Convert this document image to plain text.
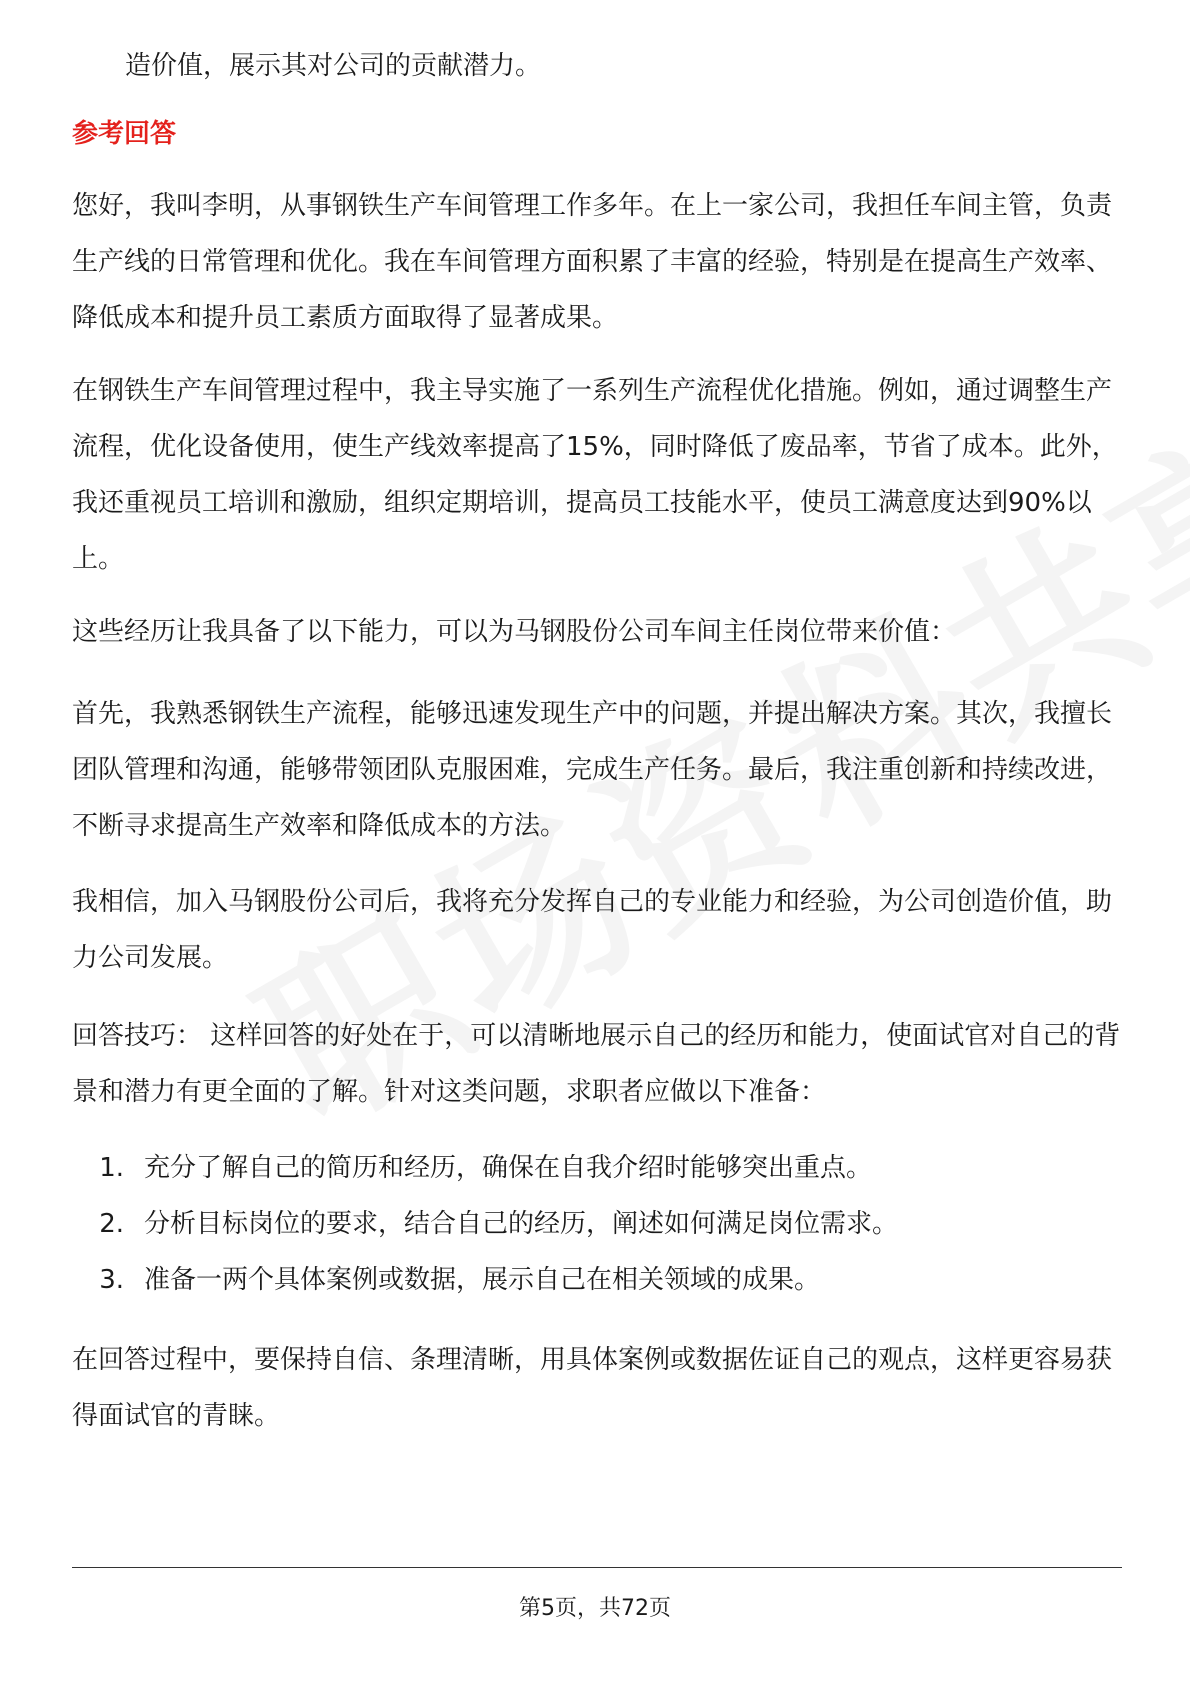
造价值，展示其对公司的贡献潜力。

参考回答

您好，我叫李明，从事钢铁生产车间管理工作多年。在上一家公司，我担任车间主管，负责生产线的日常管理和优化。我在车间管理方面积累了丰富的经验，特别是在提高生产效率、降低成本和提升员工素质方面取得了显著成果。

在钢铁生产车间管理过程中，我主导实施了一系列生产流程优化措施。例如，通过调整生产流程，优化设备使用，使生产线效率提高了15%，同时降低了废品率，节省了成本。此外，我还重视员工培训和激励，组织定期培训，提高员工技能水平，使员工满意度达到90%以上。

这些经历让我具备了以下能力，可以为马钢股份公司车间主任岗位带来价值：

首先，我熟悉钢铁生产流程，能够迅速发现生产中的问题，并提出解决方案。其次，我擅长团队管理和沟通，能够带领团队克服困难，完成生产任务。最后，我注重创新和持续改进，不断寻求提高生产效率和降低成本的方法。

我相信，加入马钢股份公司后，我将充分发挥自己的专业能力和经验，为公司创造价值，助力公司发展。

回答技巧： 这样回答的好处在于，可以清晰地展示自己的经历和能力，使面试官对自己的背景和潜力有更全面的了解。针对这类问题，求职者应做以下准备：

1. 充分了解自己的简历和经历，确保在自我介绍时能够突出重点。

2. 分析目标岗位的要求，结合自己的经历，阐述如何满足岗位需求。

3. 准备一两个具体案例或数据，展示自己在相关领域的成果。

在回答过程中，要保持自信、条理清晰，用具体案例或数据佐证自己的观点，这样更容易获得面试官的青睐。

第5页，共72页
